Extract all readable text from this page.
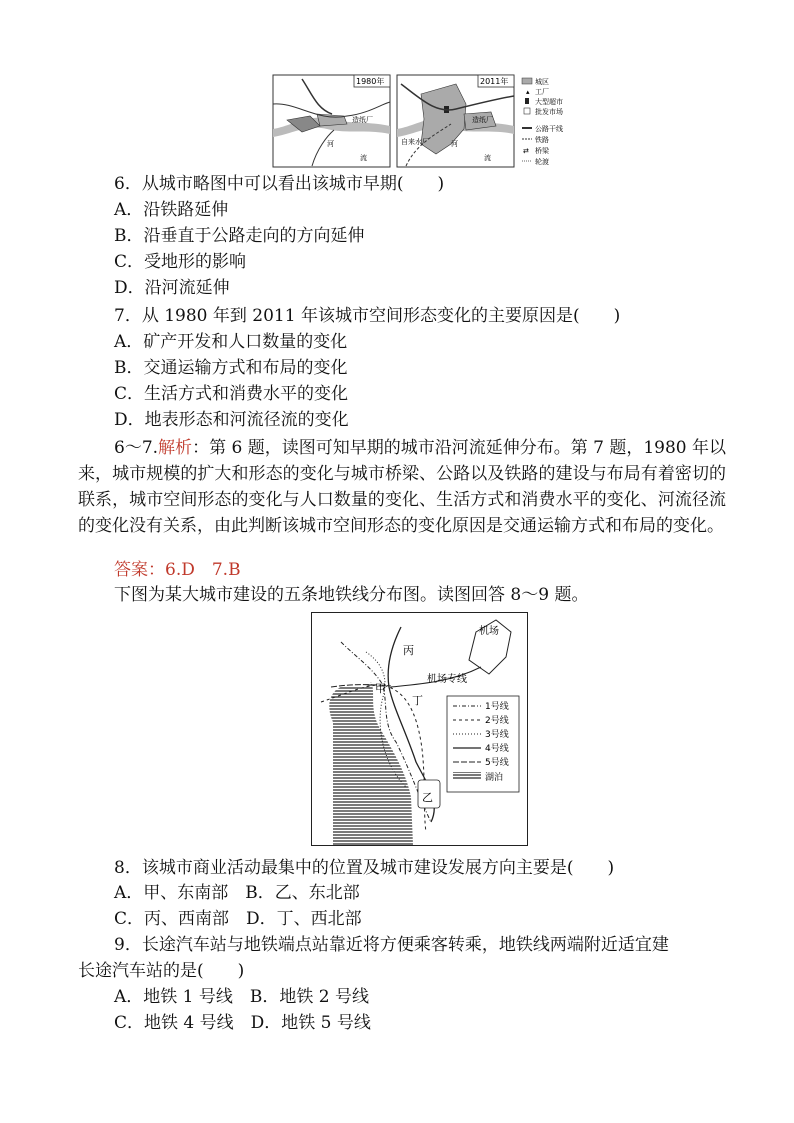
1980年
造纸厂
河
流
2011年
造纸厂
自来水厂	河
流
城区
▴ 工厂
大型超市
批发市场
公路干线
铁路
⇄ 桥梁
轮渡
6．从城市略图中可以看出该城市早期(　　)
A．沿铁路延伸
B．沿垂直于公路走向的方向延伸
C．受地形的影响
D．沿河流延伸
7．从 1980 年到 2011 年该城市空间形态变化的主要原因是(　　)
A．矿产开发和人口数量的变化
B．交通运输方式和布局的变化
C．生活方式和消费水平的变化
D．地表形态和河流径流的变化
6～7.解析：第 6 题，读图可知早期的城市沿河流延伸分布。第 7 题，1980 年以来，城市规模的扩大和形态的变化与城市桥梁、公路以及铁路的建设与布局有着密切的联系，城市空间形态的变化与人口数量的变化、生活方式和消费水平的变化、河流径流的变化没有关系，由此判断该城市空间形态的变化原因是交通运输方式和布局的变化。
答案：6.D　7.B
下图为某大城市建设的五条地铁线分布图。读图回答 8～9 题。
机场
机场专线
丙
甲
丁
乙
1号线
2号线
3号线
4号线
5号线
湖泊
8．该城市商业活动最集中的位置及城市建设发展方向主要是(　　)
A．甲、东南部　B．乙、东北部
C．丙、西南部　D．丁、西北部
9．长途汽车站与地铁端点站靠近将方便乘客转乘，地铁线两端附近适宜建
长途汽车站的是(　　)
A．地铁 1 号线　B．地铁 2 号线
C．地铁 4 号线　D．地铁 5 号线
